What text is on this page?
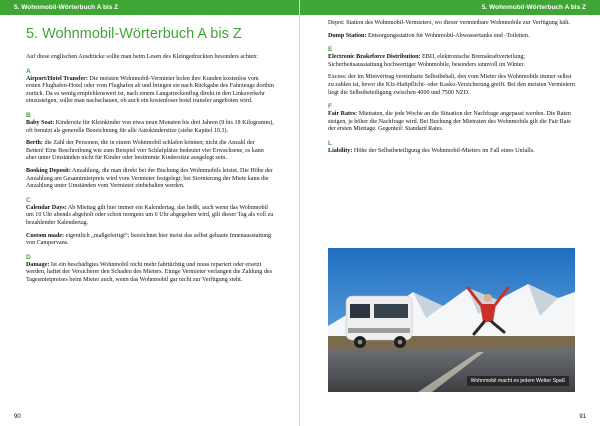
5. Wohnmobil-Wörterbuch A bis Z
5. Wohnmobil-Wörterbuch A bis Z

Auf diese englischen Ausdrücke sollte man beim Lesen des Kleingedruckten besonders achten:

A

Airport/Hotel Transfer: Die meisten Wohnmobil-Vermieter holen ihre Kunden kostenlos vom ersten Flughafen-Hotel oder vom Flughafen ab und bringen sie nach Rückgabe des Fahrzeugs dorthin zurück. Da es wenig empfehlenswert ist, nach einem Langstreckenflug direkt in den Linksverkehr einzusteigen, sollte man nachschauen, ob auch ein kostenloser hotel transfer angeboten wird.

B

Baby Seat: Kindersitz für Kleinkinder von etwa neun Monaten bis drei Jahren (9 bis 18 Kilogramm), oft benutzt als generelle Bezeichnung für alle Autokindersitze (siehe Kapitel 10.3).

Berth: die Zahl der Personen, die in einem Wohnmobil schlafen können; nicht die Anzahl der Betten! Eine Beschreibung wie zum Beispiel vier Schlafplätze bedeutet vier Erwachsene, es kann aber unter Umständen nicht für Kinder oder bestimmte Kindersitze ausgelegt sein.

Booking Deposit: Anzahlung, die man direkt bei der Buchung des Wohnmobils leistet. Die Höhe der Anzahlung am Gesamtmietpreis wird vom Vermieter festgelegt; bei Stornierung der Miete kann die Anzahlung unter Umständen vom Vermieter einbehalten werden.

C

Calendar Days: Ab Miettag gilt hier immer ein Kalendertag, das heißt, auch wenn das Wohnmobil um 10 Uhr abends abgeholt oder schon morgens um 6 Uhr abgegeben wird, gilt dieser Tag als voll zu bezahlender Kalendertag.

Custom made: eigentlich „maßgefertigt“; bezeichnet hier meist das selbst gebaute Innenausstattung von Campervans.

D

Damage: Ist ein beschädigtes Wohnmobil nicht mehr fahrtüchtig und muss repariert oder ersetzt werden, haftet der Versicherer den Schaden des Mieters. Einige Vermieter verlangen die Zahlung des Tagesmietpreises beim Mieter auch, wenn das Wohnmobil gar nicht zur Verfügung steht.

90
5. Wohnmobil-Wörterbuch A bis Z

Depot: Station des Wohnmobil-Vermieters, wo dieser vermietbare Wohnmobile zur Verfügung hält.

Dump Station: Entsorgungsstation für Wohnmobil-Abwassertanks und -Toiletten.

E

Electronic Brakeforce Distribution: EBD, elektronische Bremskraftverteilung; Sicherheitsausstattung hochwertiger Wohnmobile, besonders sinnvoll im Winter.

Excess: der im Mietvertrag vereinbarte Selbstbehalt, den vom Mieter des Wohnmobils immer selbst zu zahlen ist, bevor die Kfz-Haftpflicht- oder Kasko-Versicherung greift. Bei den meisten Vermietern liegt die Selbstbeteiligung zwischen 4000 und 7500 NZD.

F

Fair Rates: Mietraten, die jede Woche an die Situation der Nachfrage angepasst werden. Die Raten steigen, je höher die Nachfrage wird. Bei Buchung der Mietraten des Wohnmobils gilt die Fair Rate der ersten Miettage. Gegenteil: Standard Rates.

L

Liability: Höhe der Selbstbeteiligung des Wohnmobil-Mieters im Fall eines Unfalls.

Wohnmobil macht es jedem Wetter Spaß
91
